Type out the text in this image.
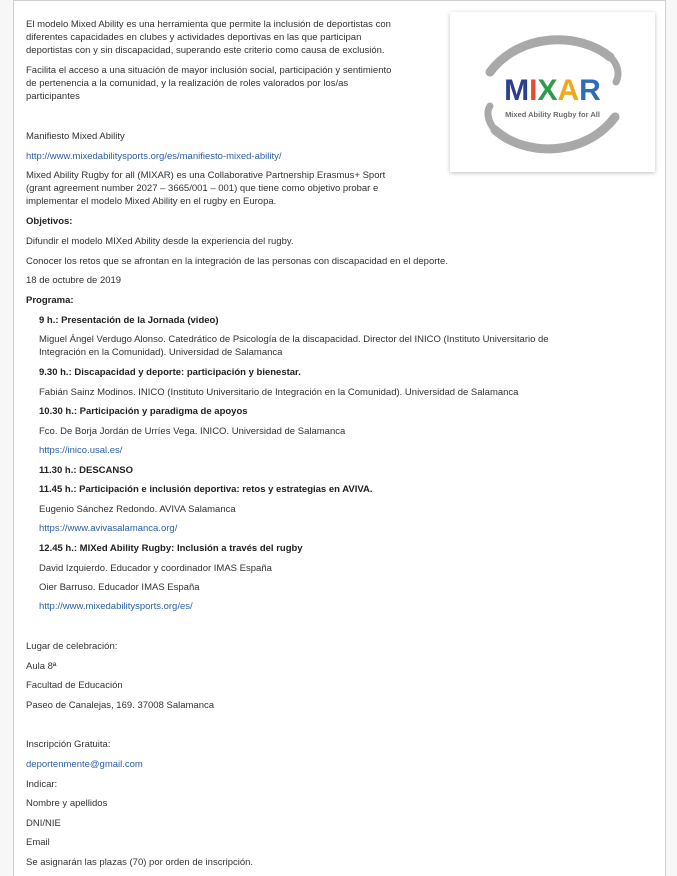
El modelo Mixed Ability es una herramienta que permite la inclusión de deportistas con

diferentes capacidades en clubes y actividades deportivas en las que participan

deportistas con y sin discapacidad, superando este criterio como causa de exclusión.

Facilita el acceso a una situación de mayor inclusión social, participación y sentimiento

de pertenencia a la comunidad, y la realización de roles valorados por los/as

participantes	MIXAR
Mixed Ability Rugby for All

Manifiesto Mixed Ability

http://www.mixedabilitysports.org/es/manifiesto-mixed-ability/

Mixed Ability Rugby for all (MIXAR) es una Collaborative Partnership Erasmus+ Sport

(grant agreement number 2027 – 3665/001 – 001) que tiene como objetivo probar e

implementar el modelo Mixed Ability en el rugby en Europa.

Objetivos:

Difundir el modelo MIXed Ability desde la experiencia del rugby.

Conocer los retos que se afrontan en la integración de las personas con discapacidad en el deporte.

18 de octubre de 2019

Programa:

9 h.: Presentación de la Jornada (video)

Miguel Ángel Verdugo Alonso. Catedrático de Psicología de la discapacidad. Director del INICO (Instituto Universitario de

Integración en la Comunidad). Universidad de Salamanca

9.30 h.: Discapacidad y deporte: participación y bienestar.

Fabián Sainz Modinos. INICO (Instituto Universitario de Integración en la Comunidad). Universidad de Salamanca

10.30 h.: Participación y paradigma de apoyos

Fco. De Borja Jordán de Urríes Vega. INICO. Universidad de Salamanca

https://inico.usal.es/

11.30 h.: DESCANSO

11.45 h.: Participación e inclusión deportiva: retos y estrategias en AVIVA.

Eugenio Sánchez Redondo. AVIVA Salamanca

https://www.avivasalamanca.org/

12.45 h.: MIXed Ability Rugby: Inclusión a través del rugby

David Izquierdo. Educador y coordinador IMAS España

Oier Barruso. Educador IMAS España

http://www.mixedabilitysports.org/es/

Lugar de celebración:

Aula 8ª

Facultad de Educación

Paseo de Canalejas, 169. 37008 Salamanca

Inscripción Gratuita:

deportenmente@gmail.com

Indicar:

Nombre y apellidos

DNI/NIE

Email

Se asignarán las plazas (70) por orden de inscripción.
